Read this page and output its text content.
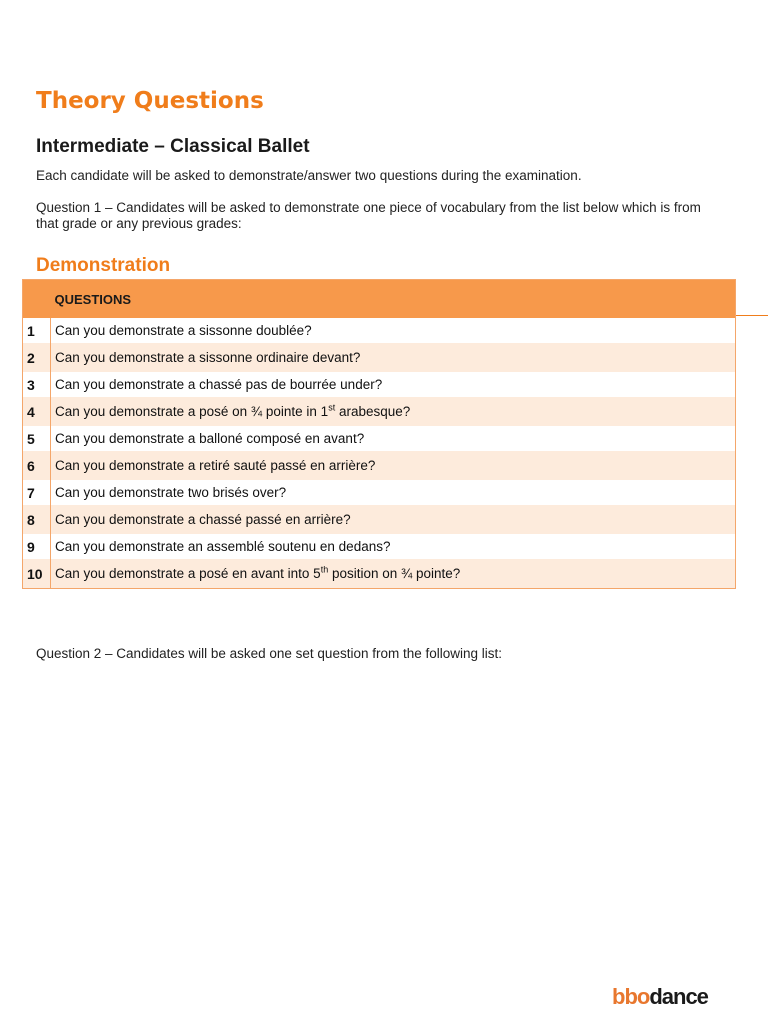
Theory Questions
Intermediate – Classical Ballet

Each candidate will be asked to demonstrate/answer two questions during the examination.

Question 1 – Candidates will be asked to demonstrate one piece of vocabulary from the list below which is from that grade or any previous grades:

Demonstration
	QUESTIONS
1	Can you demonstrate a sissonne doublée?
2	Can you demonstrate a sissonne ordinaire devant?
3	Can you demonstrate a chassé pas de bourrée under?
4	Can you demonstrate a posé on ¾ pointe in 1st arabesque?
5	Can you demonstrate a balloné composé en avant?
6	Can you demonstrate a retiré sauté passé en arrière?
7	Can you demonstrate two brisés over?
8	Can you demonstrate a chassé passé en arrière?
9	Can you demonstrate an assemblé soutenu en dedans?
10	Can you demonstrate a posé en avant into 5th position on ¾ pointe?

Question 2 – Candidates will be asked one set question from the following list:

bbodance
